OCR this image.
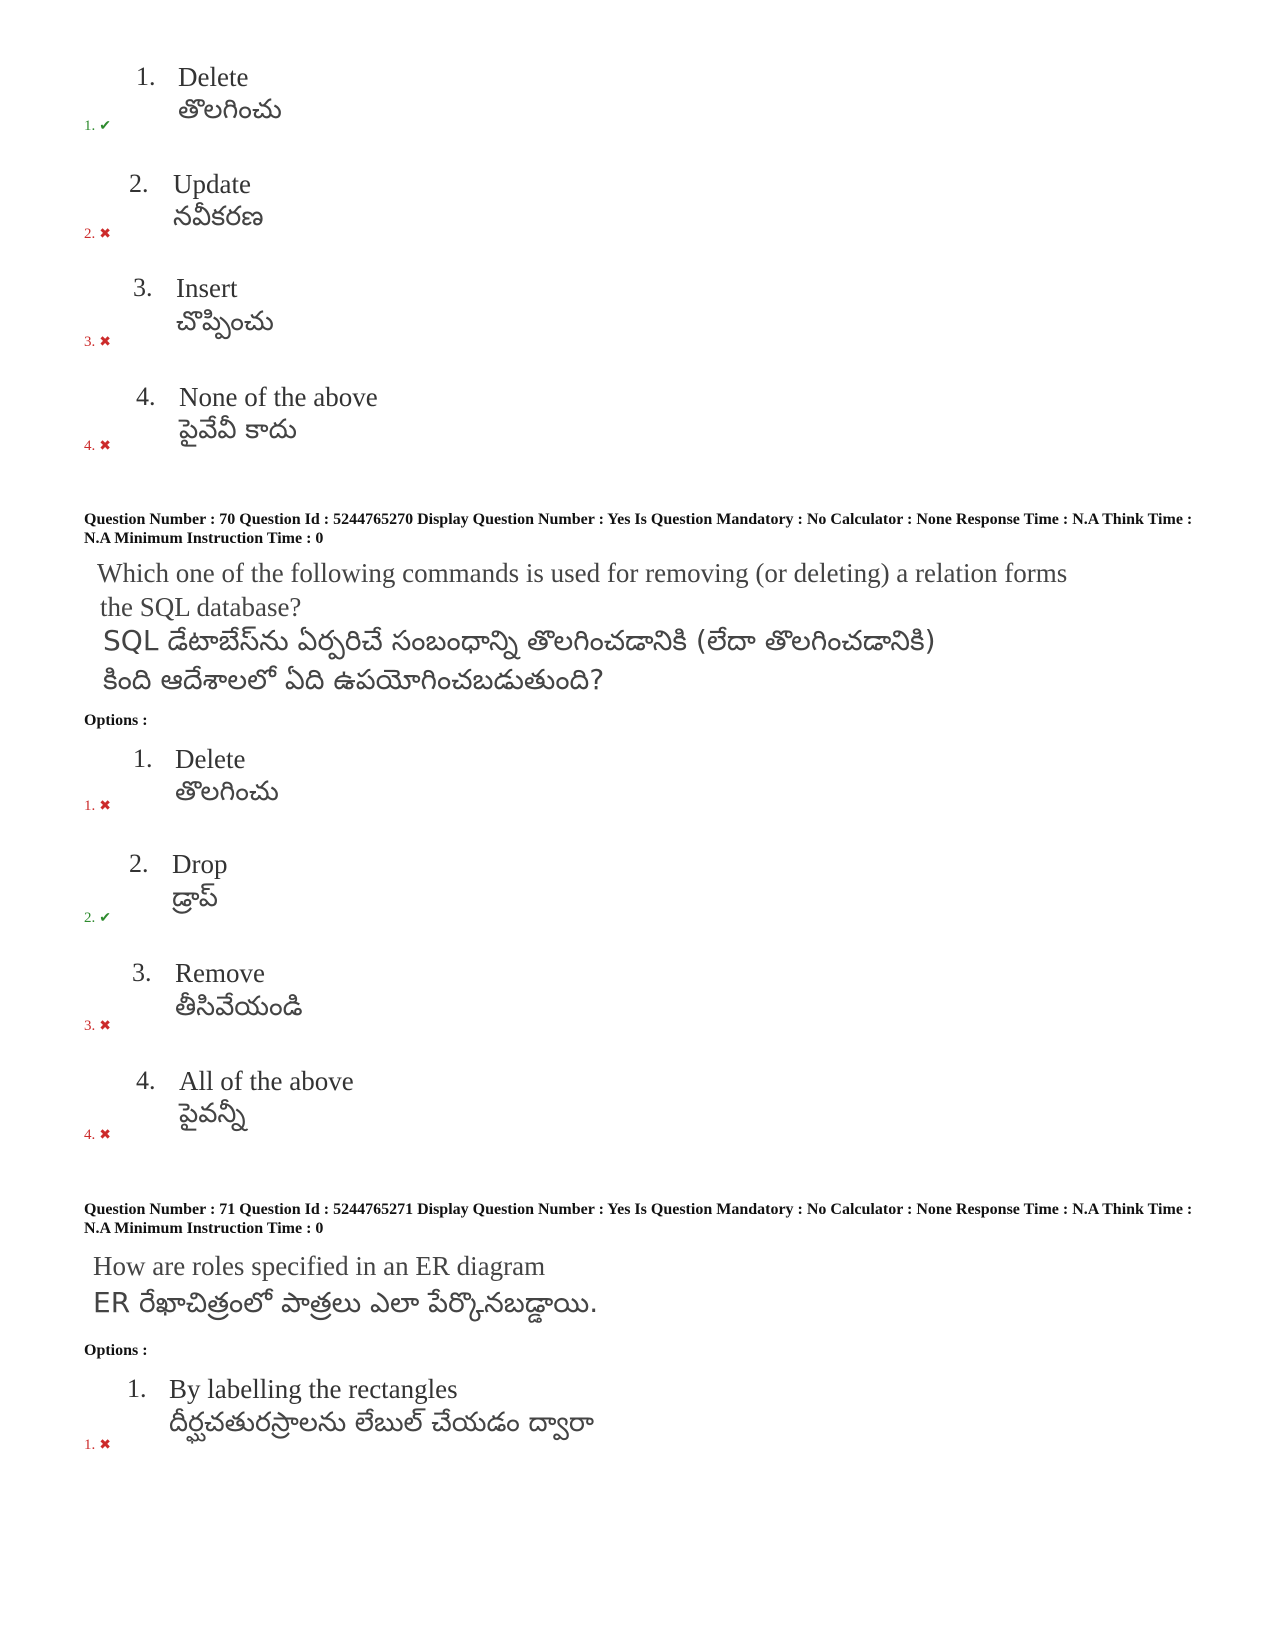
1. Delete
తొలగించు
1. ✔
2. Update
నవీకరణ
2. ✖
3. Insert
చొప్పించు
3. ✖
4. None of the above
పైవేవీ కాదు
4. ✖
Question Number : 70 Question Id : 5244765270 Display Question Number : Yes Is Question Mandatory : No Calculator : None Response Time : N.A Think Time : N.A Minimum Instruction Time : 0
Which one of the following commands is used for removing (or deleting) a relation forms
the SQL database?
SQL డేటాబేస్‌ను ఏర్పరిచే సంబంధాన్ని తొలగించడానికి (లేదా తొలగించడానికి)
కింది ఆదేశాలలో ఏది ఉపయోగించబడుతుంది?
Options :
1. Delete
తొలగించు
1. ✖
2. Drop
డ్రాప్
2. ✔
3. Remove
తీసివేయండి
3. ✖
4. All of the above
పైవన్నీ
4. ✖
Question Number : 71 Question Id : 5244765271 Display Question Number : Yes Is Question Mandatory : No Calculator : None Response Time : N.A Think Time : N.A Minimum Instruction Time : 0
How are roles specified in an ER diagram
ER రేఖాచిత్రంలో పాత్రలు ఎలా పేర్కొనబడ్డాయి.
Options :
1. By labelling the rectangles
దీర్ఘచతురస్రాలను లేబుల్ చేయడం ద్వారా
1. ✖
